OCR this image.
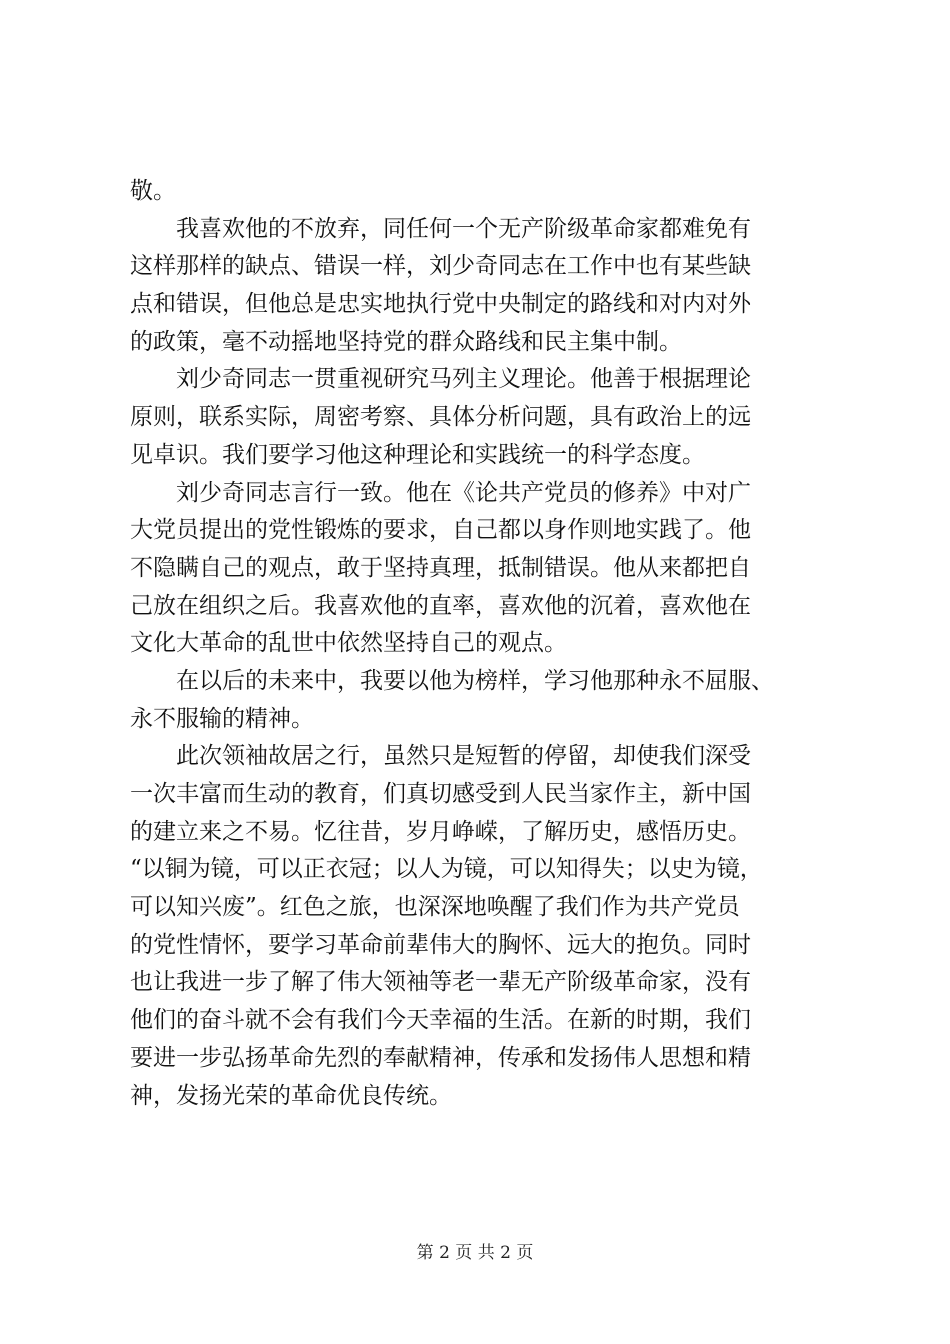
敬。
我喜欢他的不放弃，同任何一个无产阶级革命家都难免有
这样那样的缺点、错误一样，刘少奇同志在工作中也有某些缺
点和错误，但他总是忠实地执行党中央制定的路线和对内对外
的政策，毫不动摇地坚持党的群众路线和民主集中制。
刘少奇同志一贯重视研究马列主义理论。他善于根据理论
原则，联系实际，周密考察、具体分析问题，具有政治上的远
见卓识。我们要学习他这种理论和实践统一的科学态度。
刘少奇同志言行一致。他在《论共产党员的修养》中对广
大党员提出的党性锻炼的要求，自己都以身作则地实践了。他
不隐瞒自己的观点，敢于坚持真理，抵制错误。他从来都把自
己放在组织之后。我喜欢他的直率，喜欢他的沉着，喜欢他在
文化大革命的乱世中依然坚持自己的观点。
在以后的未来中，我要以他为榜样，学习他那种永不屈服、
永不服输的精神。
此次领袖故居之行，虽然只是短暂的停留，却使我们深受
一次丰富而生动的教育，们真切感受到人民当家作主，新中国
的建立来之不易。忆往昔，岁月峥嵘，了解历史，感悟历史。
“以铜为镜，可以正衣冠；以人为镜，可以知得失；以史为镜，
可以知兴废”。红色之旅，也深深地唤醒了我们作为共产党员
的党性情怀，要学习革命前辈伟大的胸怀、远大的抱负。同时
也让我进一步了解了伟大领袖等老一辈无产阶级革命家，没有
他们的奋斗就不会有我们今天幸福的生活。在新的时期，我们
要进一步弘扬革命先烈的奉献精神，传承和发扬伟人思想和精
神，发扬光荣的革命优良传统。
第 2 页 共 2 页
